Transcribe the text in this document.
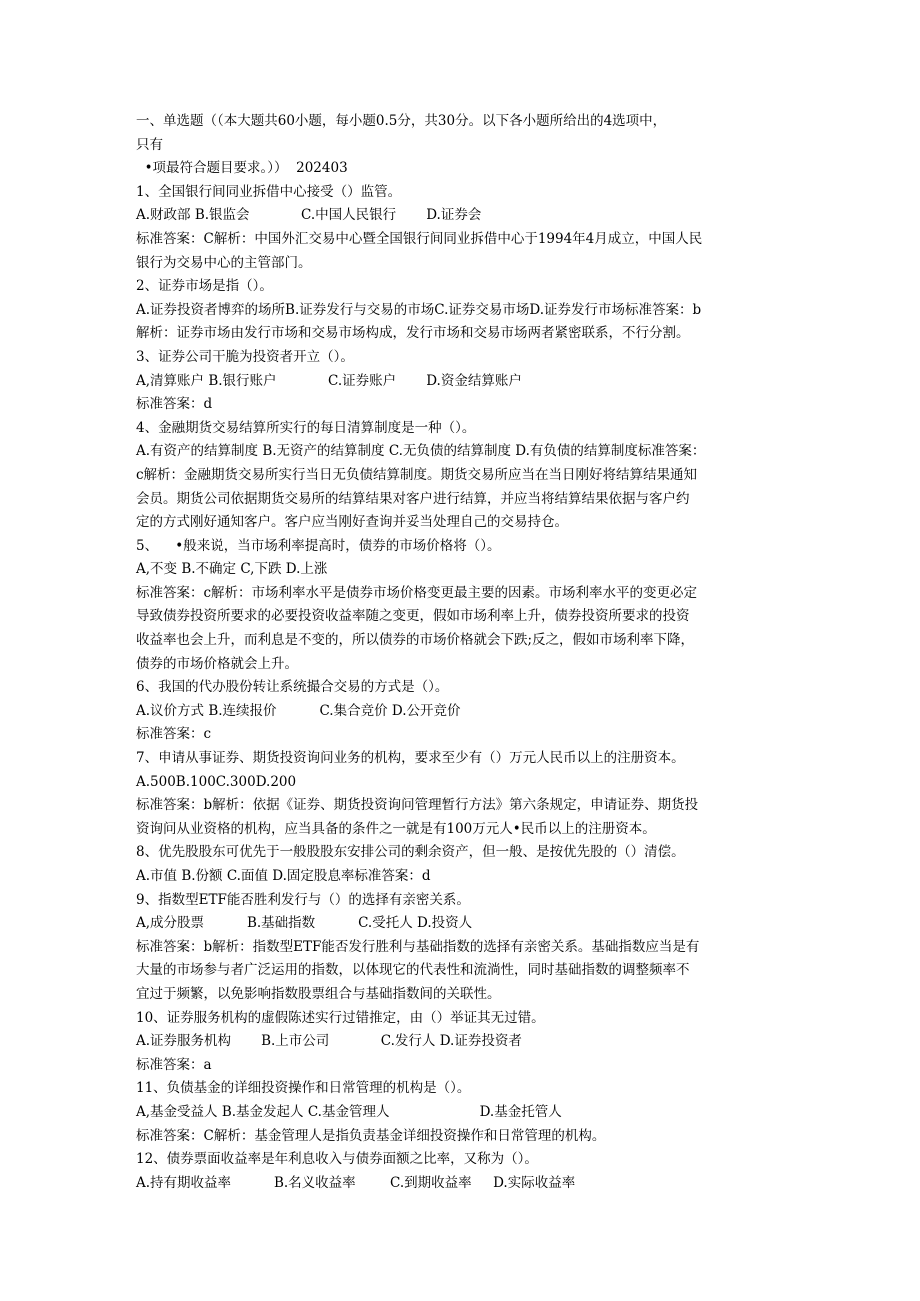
一、单选题（（本大题共60小题，每小题0.5分，共30分。以下各小题所给出的4选项中，
只有
•项最符合题目要求。））  202403
1、全国银行间同业拆借中心接受（）监管。
A.财政部 B.银监会            C.中国人民银行       D.证券会
标准答案：C解析：中国外汇交易中心暨全国银行间同业拆借中心于1994年4月成立，中国人民
银行为交易中心的主管部门。
2、证券市场是指（）。
A.证券投资者博弈的场所B.证券发行与交易的市场C.证券交易市场D.证券发行市场标准答案：b
解析：证券市场由发行市场和交易市场构成，发行市场和交易市场两者紧密联系，不行分割。
3、证券公司干脆为投资者开立（）。
A,清算账户 B.银行账户            C.证券账户       D.资金结算账户
标准答案：d
4、金融期货交易结算所实行的每日清算制度是一种（）。
A.有资产的结算制度 B.无资产的结算制度 C.无负债的结算制度 D.有负债的结算制度标准答案：
c解析：金融期货交易所实行当日无负债结算制度。期货交易所应当在当日刚好将结算结果通知
会员。期货公司依据期货交易所的结算结果对客户进行结算，并应当将结算结果依据与客户约
定的方式刚好通知客户。客户应当刚好查询并妥当处理自己的交易持仓。
5、    •般来说，当市场利率提高时，债券的市场价格将（）。
A,不变 B.不确定 C,下跌 D.上涨
标准答案：c解析：市场利率水平是债券市场价格变更最主要的因素。市场利率水平的变更必定
导致债券投资所要求的必要投资收益率随之变更，假如市场利率上升，债券投资所要求的投资
收益率也会上升，而利息是不变的，所以债券的市场价格就会下跌;反之，假如市场利率下降，
债券的市场价格就会上升。
6、我国的代办股份转让系统撮合交易的方式是（）。
A.议价方式 B.连续报价          C.集合竞价 D.公开竞价
标准答案：c
7、申请从事证券、期货投资询问业务的机构，要求至少有（）万元人民币以上的注册资本。
A.500B.100C.300D.200
标准答案：b解析：依据《证券、期货投资询问管理暂行方法》第六条规定，申请证券、期货投
资询问从业资格的机构，应当具备的条件之一就是有100万元人•民币以上的注册资本。
8、优先股股东可优先于一般股股东安排公司的剩余资产，但一般、是按优先股的（）清偿。
A.市值 B.份额 C.面值 D.固定股息率标准答案：d
9、指数型ETF能否胜利发行与（）的选择有亲密关系。
A,成分股票          B.基础指数          C.受托人 D.投资人
标准答案：b解析：指数型ETF能否发行胜利与基础指数的选择有亲密关系。基础指数应当是有
大量的市场参与者广泛运用的指数，以体现它的代表性和流淌性，同时基础指数的调整频率不
宜过于频繁，以免影响指数股票组合与基础指数间的关联性。
10、证券服务机构的虚假陈述实行过错推定，由（）举证其无过错。
A.证券服务机构       B.上市公司            C.发行人 D.证券投资者
标准答案：a
11、负债基金的详细投资操作和日常管理的机构是（）。
A,基金受益人 B.基金发起人 C.基金管理人                     D.基金托管人
标准答案：C解析：基金管理人是指负责基金详细投资操作和日常管理的机构。
12、债券票面收益率是年利息收入与债券面额之比率，又称为（）。
A.持有期收益率          B.名义收益率        C.到期收益率     D.实际收益率
